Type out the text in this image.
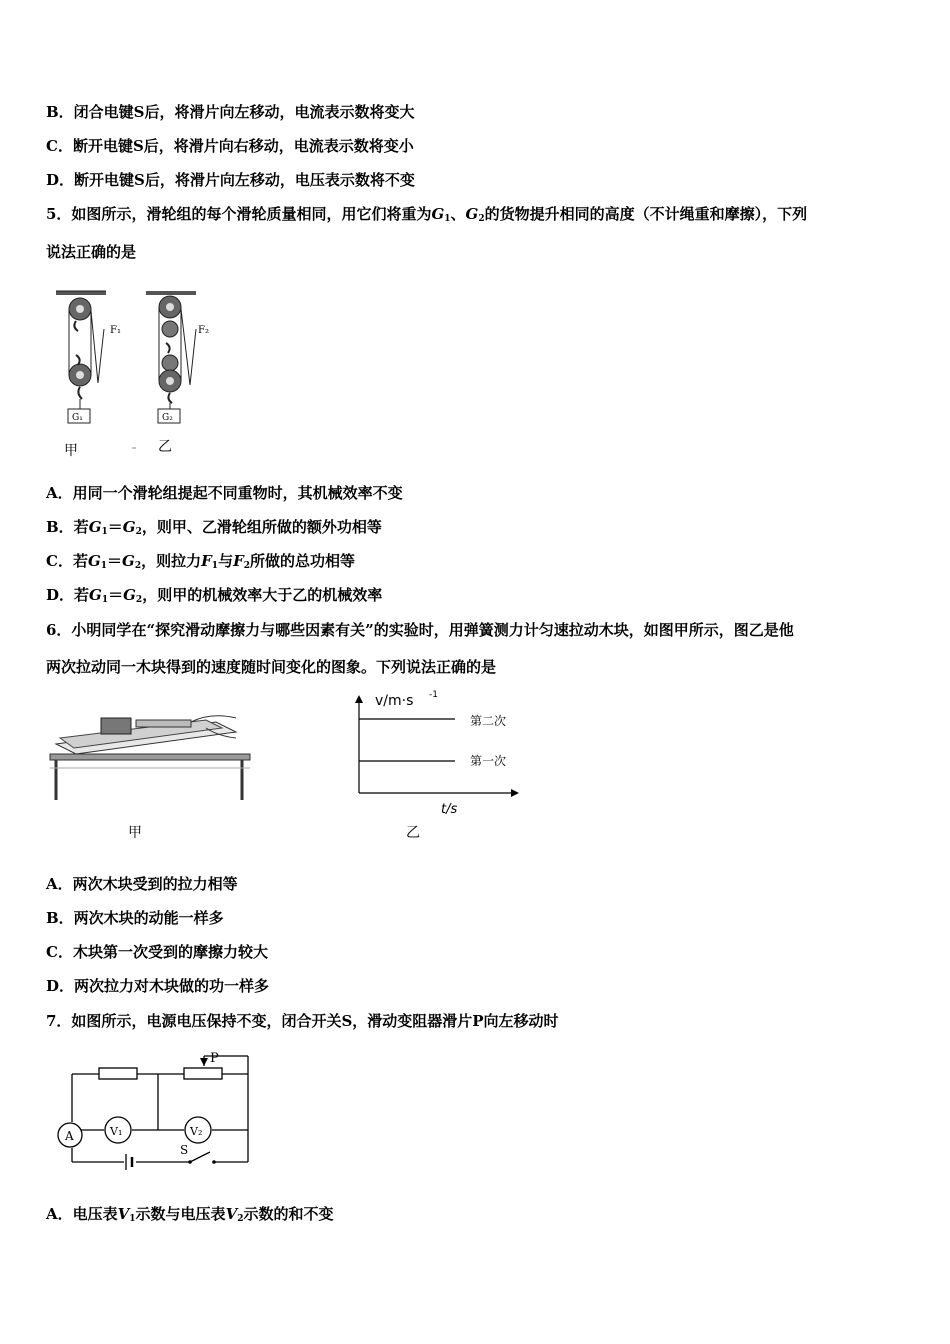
B．闭合电键S后，将滑片向左移动，电流表示数将变大
C．断开电键S后，将滑片向右移动，电流表示数将变小
D．断开电键S后，将滑片向左移动，电压表示数将不变
5．如图所示，滑轮组的每个滑轮质量相同，用它们将重为$G_1$、$G_2$的货物提升相同的高度（不计绳重和摩擦），下列
说法正确的是
F₁
G₁
F₂
G₂
甲	乙
A．用同一个滑轮组提起不同重物时，其机械效率不变
B．若$G_1=G_2$，则甲、乙滑轮组所做的额外功相等
C．若$G_1=G_2$，则拉力$F_1$与$F_2$所做的总功相等
D．若$G_1=G_2$，则甲的机械效率大于乙的机械效率
6．小明同学在“探究滑动摩擦力与哪些因素有关”的实验时，用弹簧测力计匀速拉动木块，如图甲所示，图乙是他
两次拉动同一木块得到的速度随时间变化的图象。下列说法正确的是
甲
v/m·s -1
t/s
第二次
第一次
乙
A．两次木块受到的拉力相等
B．两次木块的动能一样多
C．木块第一次受到的摩擦力较大
D．两次拉力对木块做的功一样多
7．如图所示，电源电压保持不变，闭合开关S，滑动变阻器滑片P向左移动时
P
V₁	V₂
A
S
A．电压表$V_1$示数与电压表$V_2$示数的和不变
